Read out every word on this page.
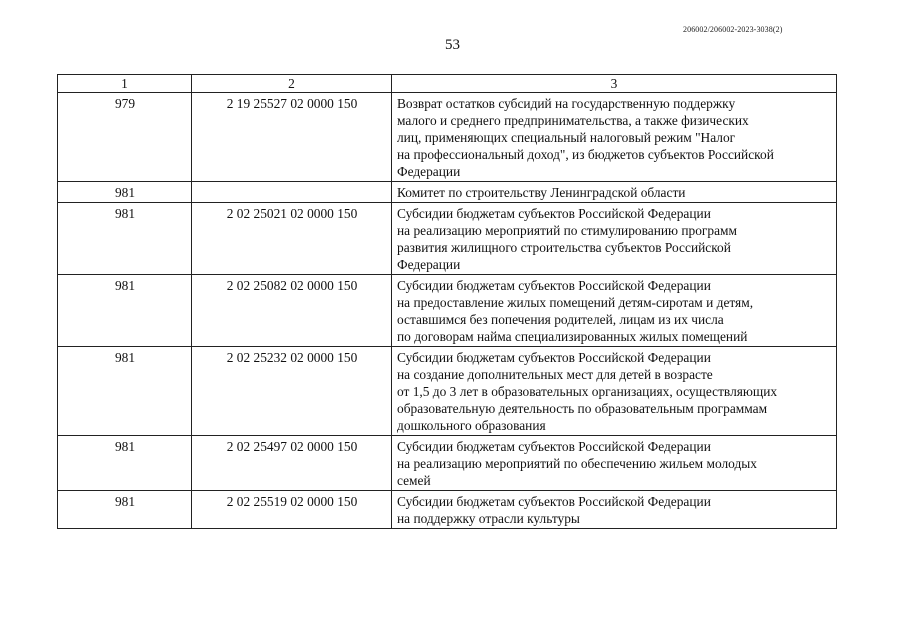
206002/206002-2023-3038(2)
53
1	2	3
979	2 19 25527 02 0000 150	Возврат остатков субсидий на государственную поддержку
малого и среднего предпринимательства, а также физических
лиц, применяющих специальный налоговый режим "Налог
на профессиональный доход", из бюджетов субъектов Российской
Федерации

981		Комитет по строительству Ленинградской области

981	2 02 25021 02 0000 150	Субсидии бюджетам субъектов Российской Федерации
на реализацию мероприятий по стимулированию программ
развития жилищного строительства субъектов Российской
Федерации

981	2 02 25082 02 0000 150	Субсидии бюджетам субъектов Российской Федерации
на предоставление жилых помещений детям-сиротам и детям,
оставшимся без попечения родителей, лицам из их числа
по договорам найма специализированных жилых помещений

981	2 02 25232 02 0000 150	Субсидии бюджетам субъектов Российской Федерации
на создание дополнительных мест для детей в возрасте
от 1,5 до 3 лет в образовательных организациях, осуществляющих
образовательную деятельность по образовательным программам
дошкольного образования

981	2 02 25497 02 0000 150	Субсидии бюджетам субъектов Российской Федерации
на реализацию мероприятий по обеспечению жильем молодых
семей

981	2 02 25519 02 0000 150	Субсидии бюджетам субъектов Российской Федерации
на поддержку отрасли культуры
